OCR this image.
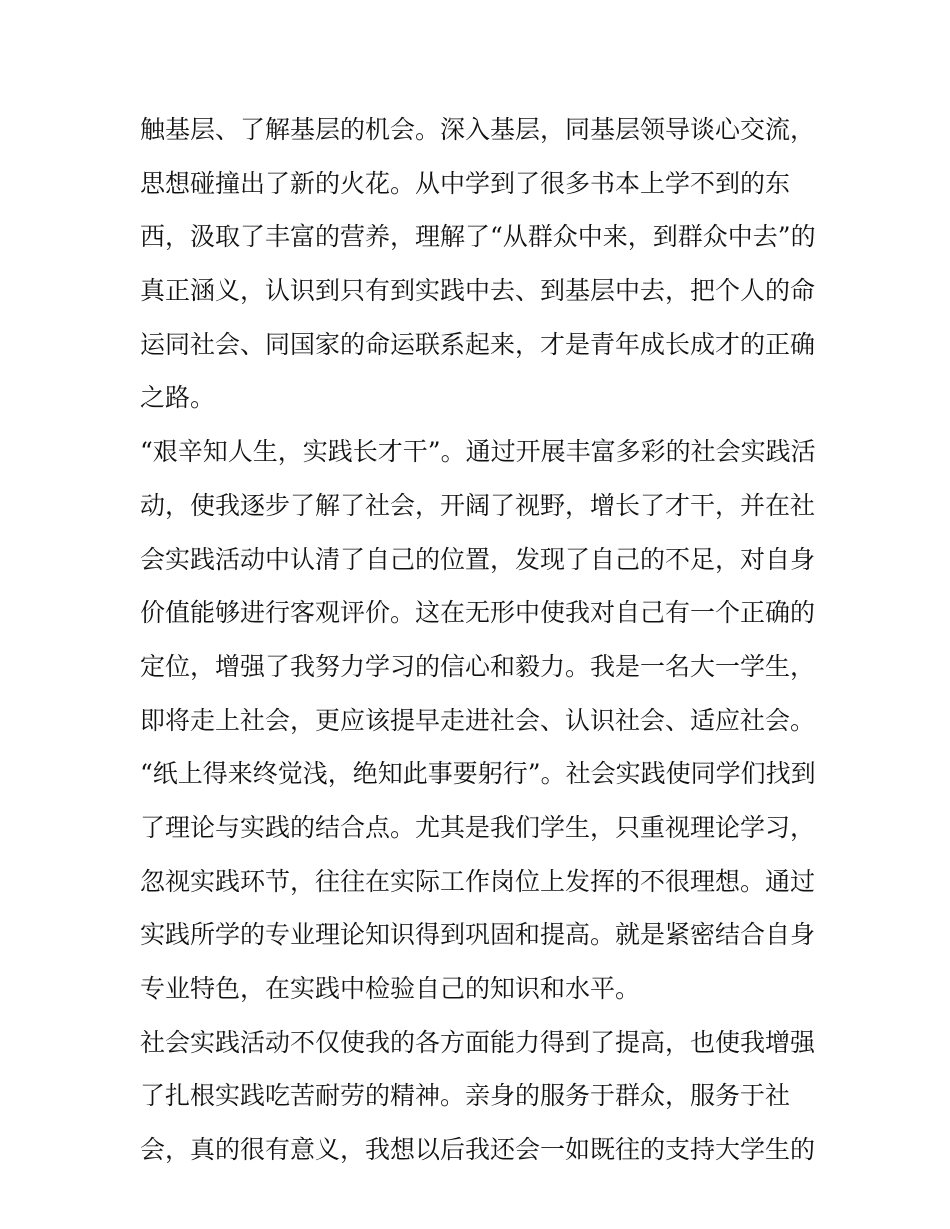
触基层、了解基层的机会。深入基层，同基层领导谈心交流，
思想碰撞出了新的火花。从中学到了很多书本上学不到的东
西，汲取了丰富的营养，理解了“从群众中来，到群众中去”的
真正涵义，认识到只有到实践中去、到基层中去，把个人的命
运同社会、同国家的命运联系起来，才是青年成长成才的正确
之路。
“艰辛知人生，实践长才干”。通过开展丰富多彩的社会实践活
动，使我逐步了解了社会，开阔了视野，增长了才干，并在社
会实践活动中认清了自己的位置，发现了自己的不足，对自身
价值能够进行客观评价。这在无形中使我对自己有一个正确的
定位，增强了我努力学习的信心和毅力。我是一名大一学生，
即将走上社会，更应该提早走进社会、认识社会、适应社会。
“纸上得来终觉浅，绝知此事要躬行”。社会实践使同学们找到
了理论与实践的结合点。尤其是我们学生，只重视理论学习，
忽视实践环节，往往在实际工作岗位上发挥的不很理想。通过
实践所学的专业理论知识得到巩固和提高。就是紧密结合自身
专业特色，在实践中检验自己的知识和水平。
社会实践活动不仅使我的各方面能力得到了提高，也使我增强
了扎根实践吃苦耐劳的精神。亲身的服务于群众，服务于社
会，真的很有意义，我想以后我还会一如既往的支持大学生的
